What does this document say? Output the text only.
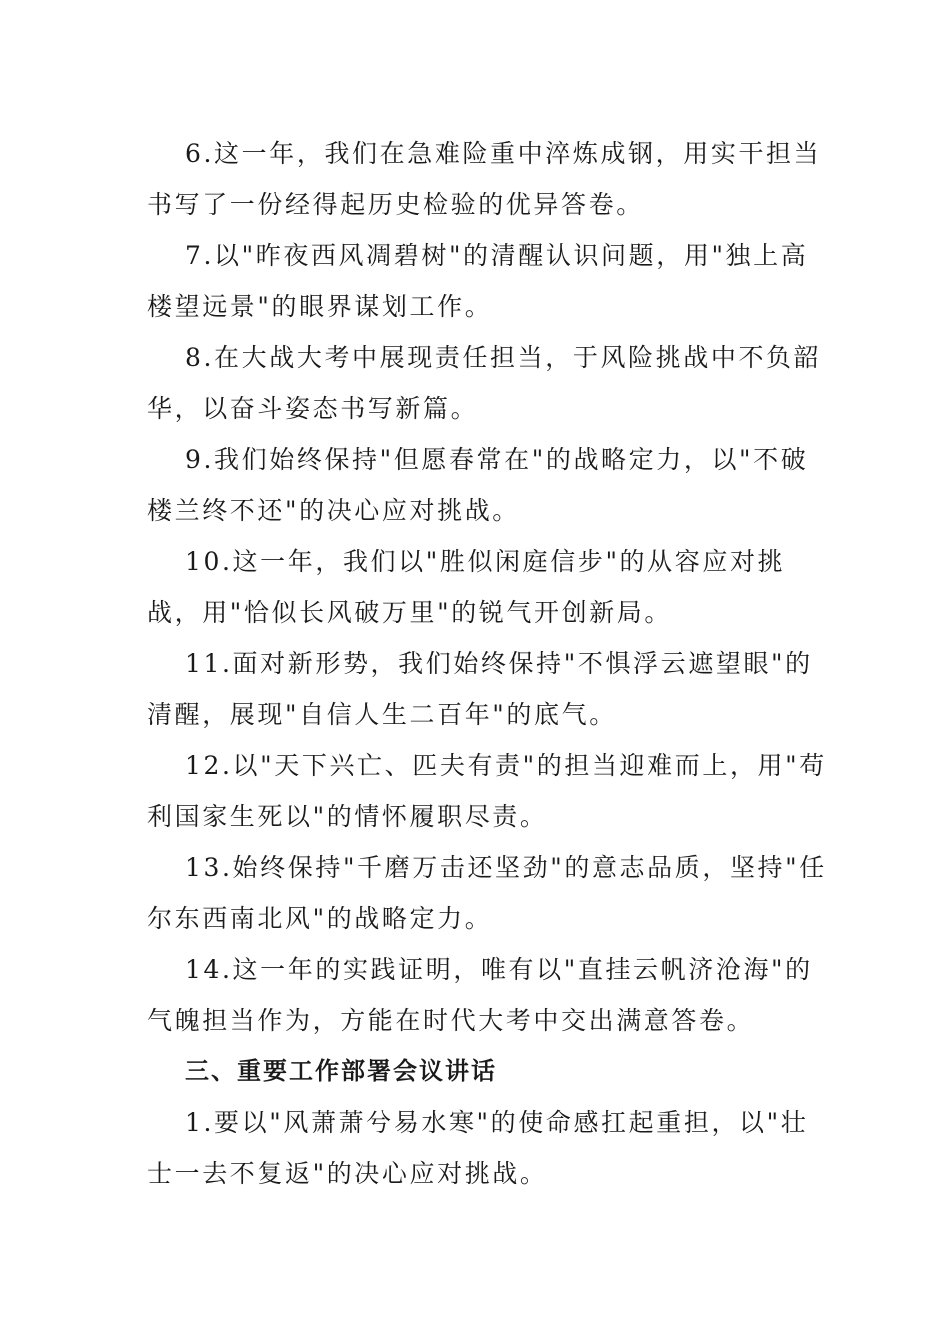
6.这一年，我们在急难险重中淬炼成钢，用实干担当书写了一份经得起历史检验的优异答卷。

7.以"昨夜西风凋碧树"的清醒认识问题，用"独上高楼望远景"的眼界谋划工作。

8.在大战大考中展现责任担当，于风险挑战中不负韶华，以奋斗姿态书写新篇。

9.我们始终保持"但愿春常在"的战略定力，以"不破楼兰终不还"的决心应对挑战。

10.这一年，我们以"胜似闲庭信步"的从容应对挑战，用"恰似长风破万里"的锐气开创新局。

11.面对新形势，我们始终保持"不惧浮云遮望眼"的清醒，展现"自信人生二百年"的底气。

12.以"天下兴亡、匹夫有责"的担当迎难而上，用"苟利国家生死以"的情怀履职尽责。

13.始终保持"千磨万击还坚劲"的意志品质，坚持"任尔东西南北风"的战略定力。

14.这一年的实践证明，唯有以"直挂云帆济沧海"的气魄担当作为，方能在时代大考中交出满意答卷。

三、重要工作部署会议讲话

1.要以"风萧萧兮易水寒"的使命感扛起重担，以"壮士一去不复返"的决心应对挑战。
